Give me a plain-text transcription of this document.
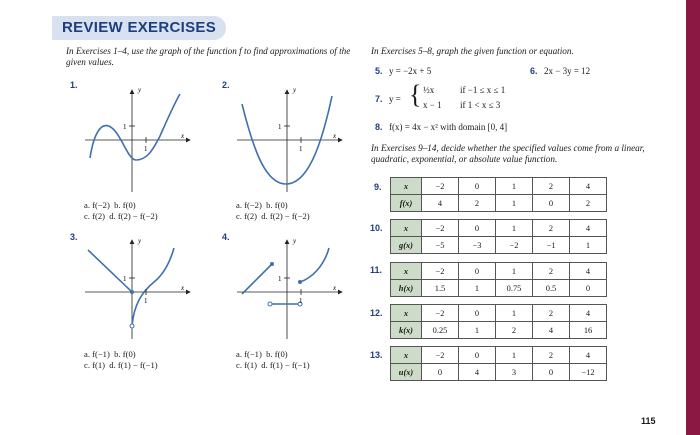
REVIEW EXERCISES
In Exercises 1–4, use the graph of the function f to find approximations of the given values.
1.	2.
3.	4.
y
x
1
1
y
x
1
1
a. f(−2) b. f(0)
c. f(2) d. f(2) − f(−2)
a. f(−2) b. f(0)
c. f(2) d. f(2) − f(−2)
y
x
1
1
y
x
1
1
a. f(−1) b. f(0)
c. f(1) d. f(1) − f(−1)
a. f(−1) b. f(0)
c. f(1) d. f(1) − f(−1)
In Exercises 5–8, graph the given function or equation.
5. y = −2x + 5	6. 2x − 3y = 12
7. y = { ½x	if −1 ≤ x ≤ 1
x − 1 if 1 < x ≤ 3
8. f(x) = 4x − x² with domain [0, 4]
In Exercises 9–14, decide whether the specified values come from a linear, quadratic, exponential, or absolute value function.
9.	x	−2	0	1	2	4
f(x)	4	2	1	0	2
10.	x	−2	0	1	2	4
g(x)	−5	−3	−2	−1	1
11.	x	−2	0	1	2	4
h(x)	1.5	1	0.75	0.5	0
12.	x	−2	0	1	2	4
k(x)	0.25	1	2	4	16
13.	x	−2	0	1	2	4
u(x)	0	4	3	0	−12
115
